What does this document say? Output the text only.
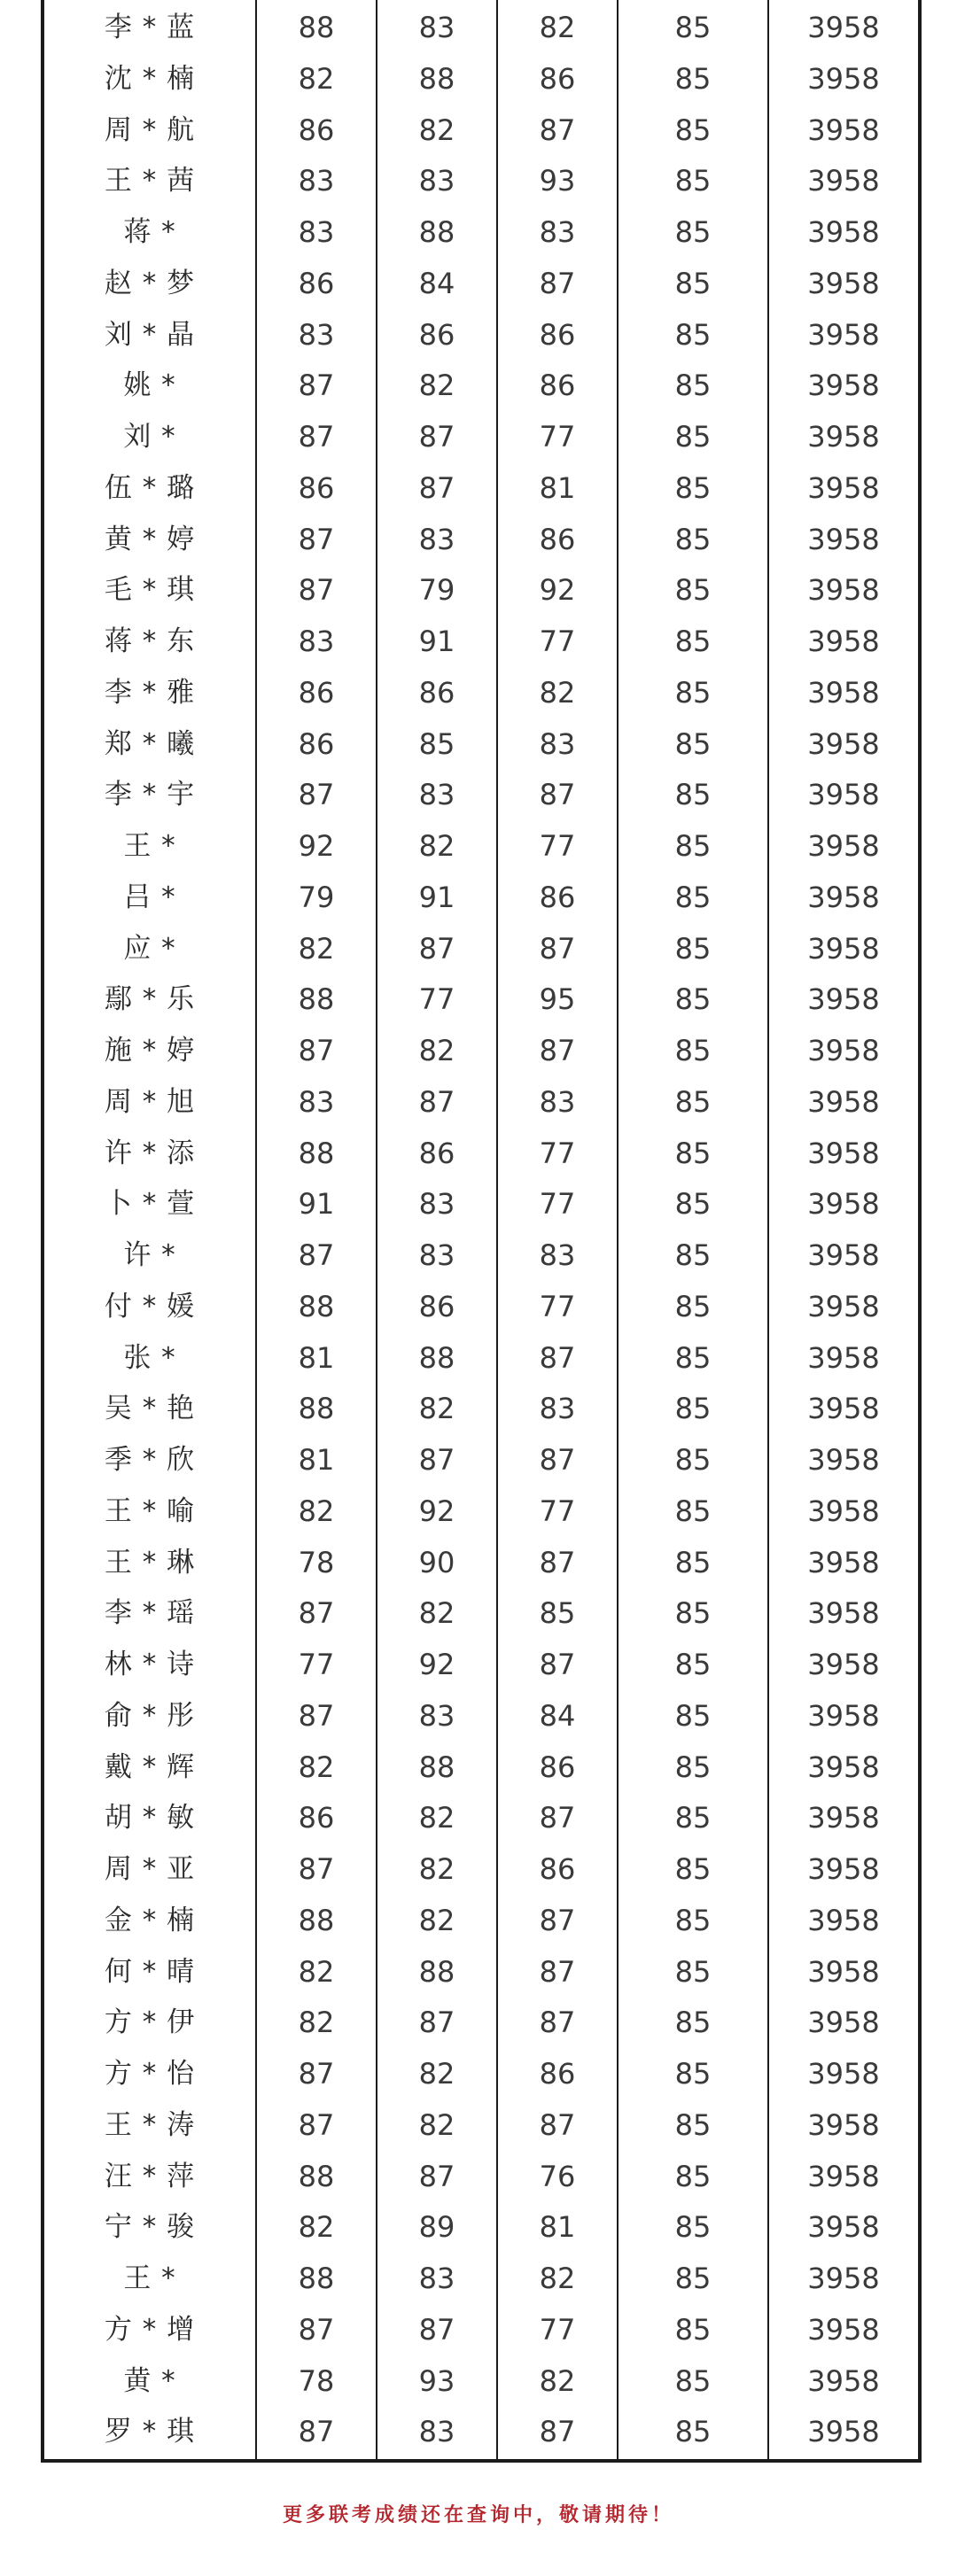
李 * 蓝	88	83	82	85	3958
沈 * 楠	82	88	86	85	3958
周 * 航	86	82	87	85	3958
王 * 茜	83	83	93	85	3958
蒋 *	83	88	83	85	3958
赵 * 梦	86	84	87	85	3958
刘 * 晶	83	86	86	85	3958
姚 *	87	82	86	85	3958
刘 *	87	87	77	85	3958
伍 * 璐	86	87	81	85	3958
黄 * 婷	87	83	86	85	3958
毛 * 琪	87	79	92	85	3958
蒋 * 东	83	91	77	85	3958
李 * 雅	86	86	82	85	3958
郑 * 曦	86	85	83	85	3958
李 * 宇	87	83	87	85	3958
王 *	92	82	77	85	3958
吕 *	79	91	86	85	3958
应 *	82	87	87	85	3958
鄢 * 乐	88	77	95	85	3958
施 * 婷	87	82	87	85	3958
周 * 旭	83	87	83	85	3958
许 * 添	88	86	77	85	3958
卜 * 萱	91	83	77	85	3958
许 *	87	83	83	85	3958
付 * 媛	88	86	77	85	3958
张 *	81	88	87	85	3958
吴 * 艳	88	82	83	85	3958
季 * 欣	81	87	87	85	3958
王 * 喻	82	92	77	85	3958
王 * 琳	78	90	87	85	3958
李 * 瑶	87	82	85	85	3958
林 * 诗	77	92	87	85	3958
俞 * 彤	87	83	84	85	3958
戴 * 辉	82	88	86	85	3958
胡 * 敏	86	82	87	85	3958
周 * 亚	87	82	86	85	3958
金 * 楠	88	82	87	85	3958
何 * 晴	82	88	87	85	3958
方 * 伊	82	87	87	85	3958
方 * 怡	87	82	86	85	3958
王 * 涛	87	82	87	85	3958
汪 * 萍	88	87	76	85	3958
宁 * 骏	82	89	81	85	3958
王 *	88	83	82	85	3958
方 * 增	87	87	77	85	3958
黄 *	78	93	82	85	3958
罗 * 琪	87	83	87	85	3958
更多联考成绩还在查询中，敬请期待！
